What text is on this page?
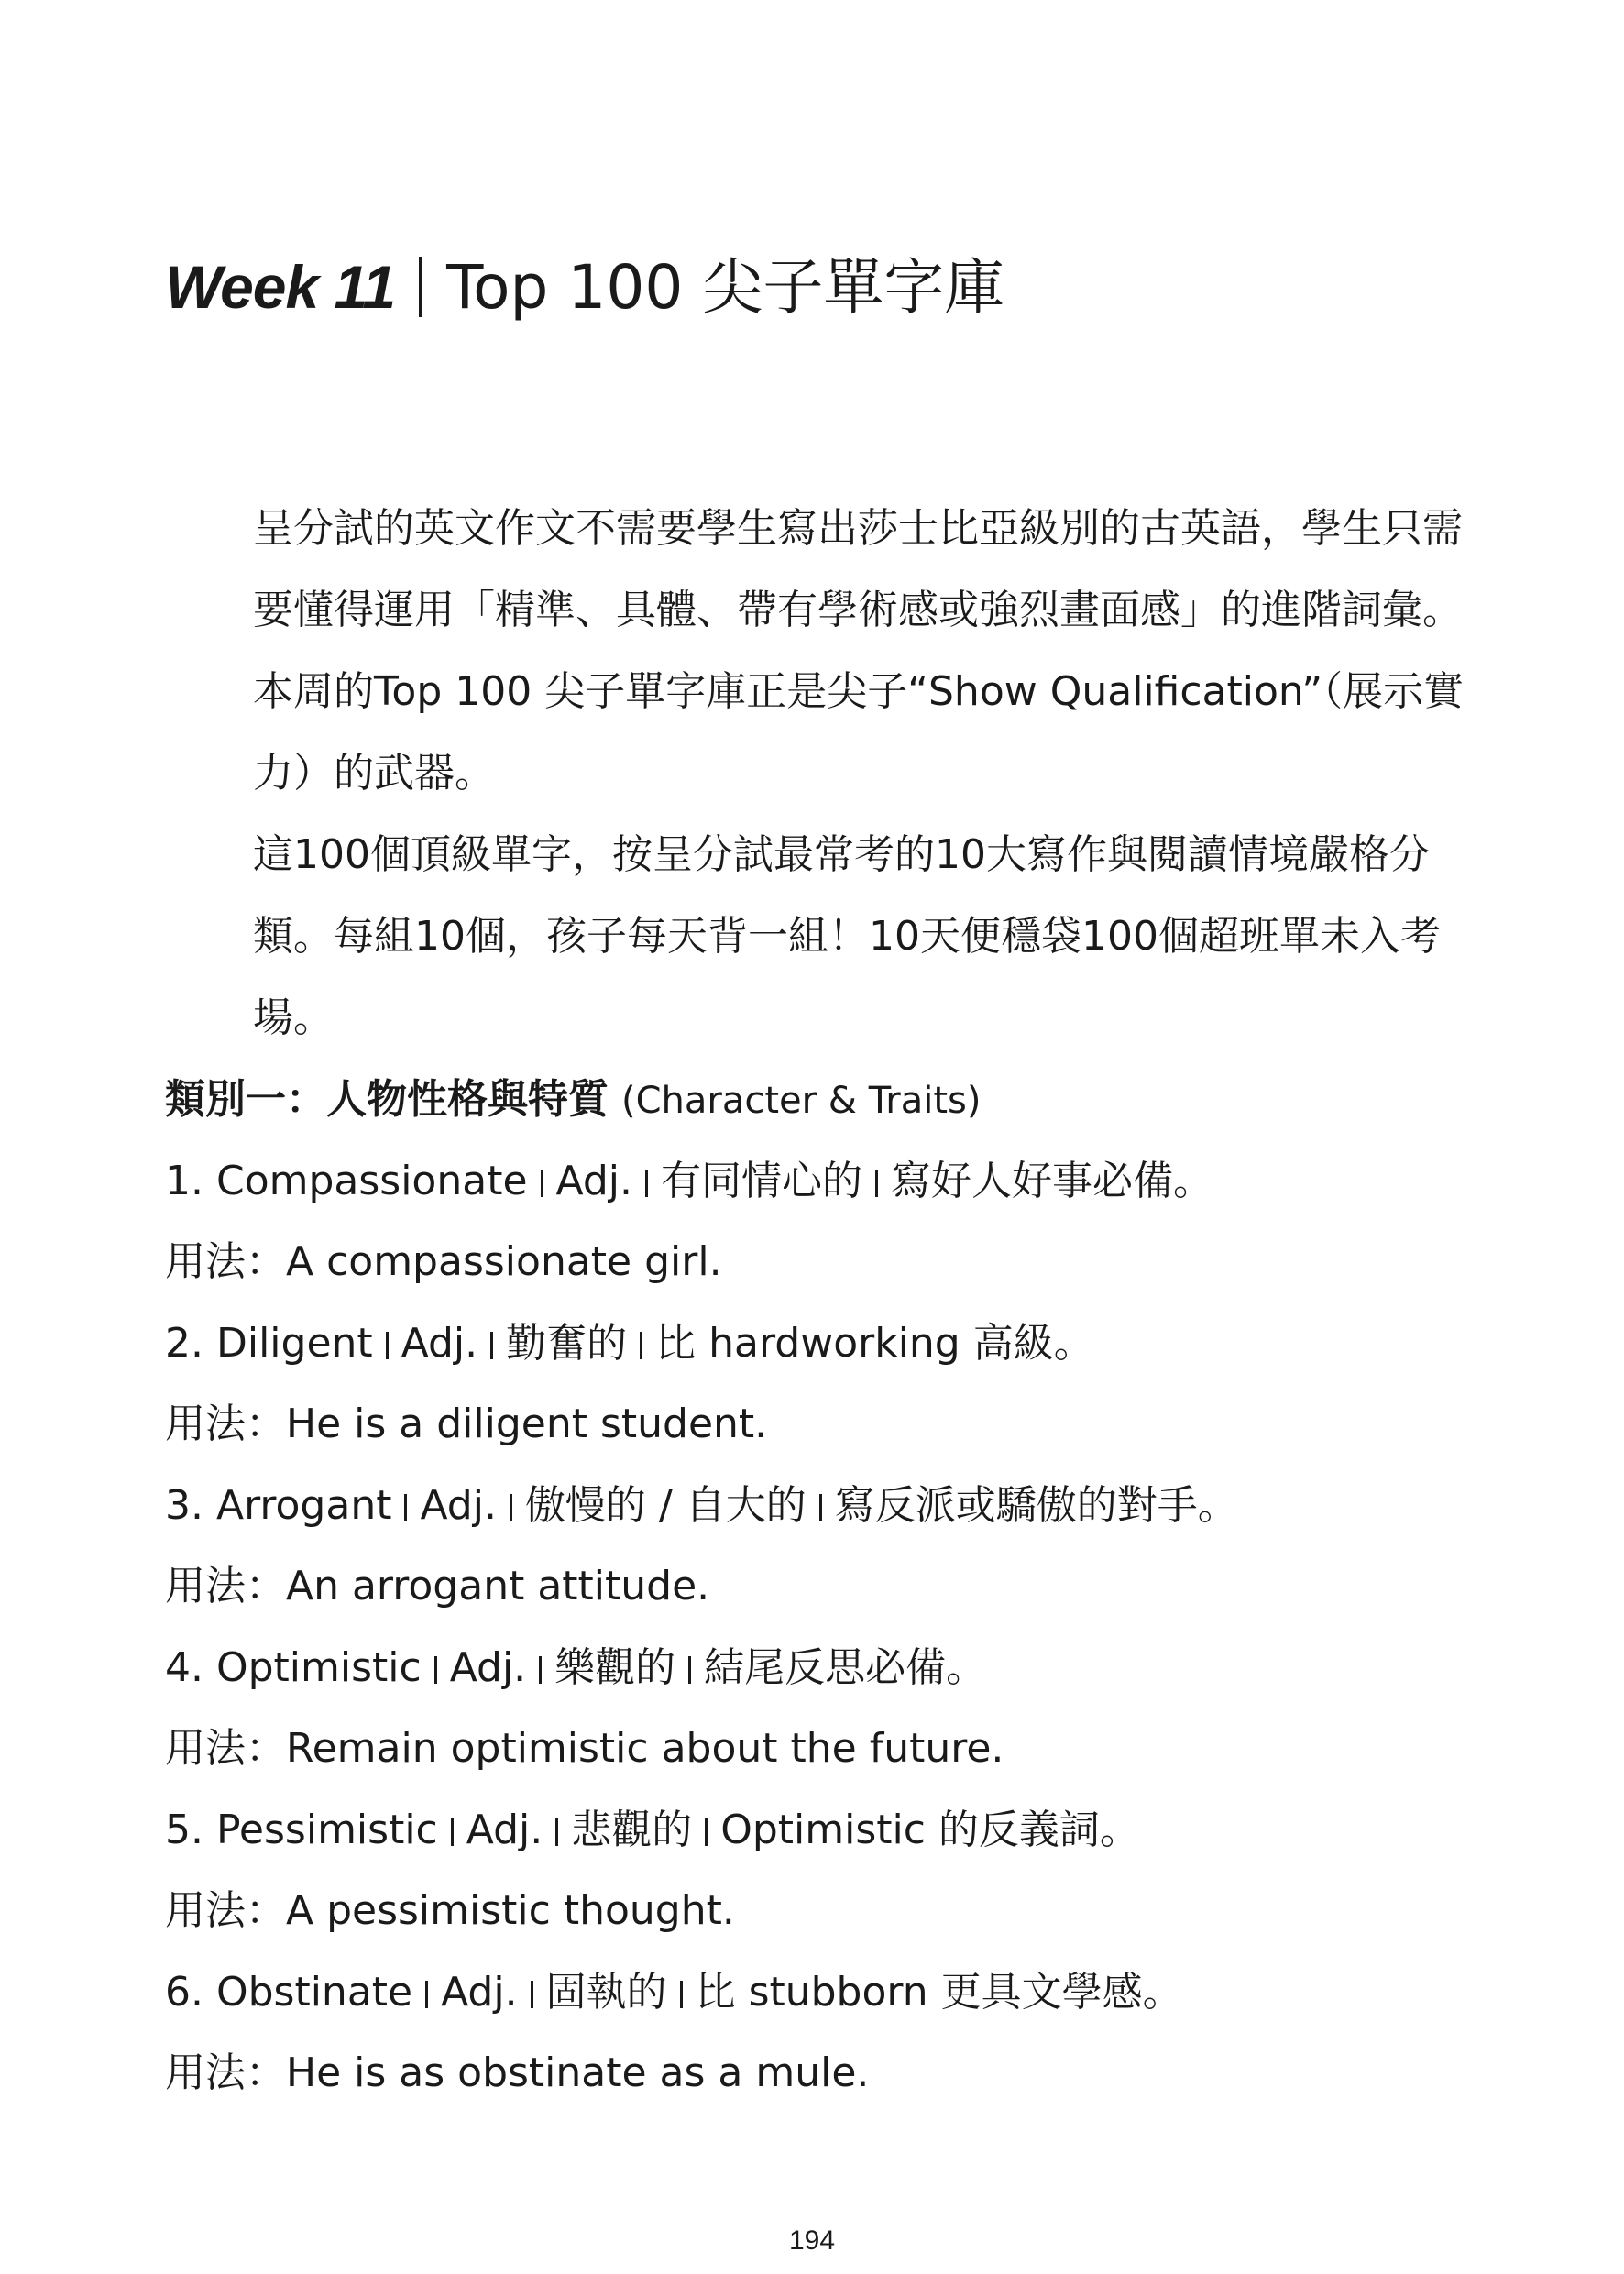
Week 11 Top 100 尖子單字庫

呈分試的英文作文不需要學生寫出莎士比亞級別的古英語，學生只需要懂得運用「精準、具體、帶有學術感或強烈畫面感」的進階詞彙。本周的Top 100 尖子單字庫正是尖子“Show Qualification”（展示實力）的武器。

這100個頂級單字，按呈分試最常考的10大寫作與閱讀情境嚴格分類。每組10個，孩子每天背一組！10天便穩袋100個超班單未入考場。

類別一：人物性格與特質 (Character & Traits)
1. Compassionate Adj. 有同情心的 寫好人好事必備。
用法：A compassionate girl.
2. Diligent Adj. 勤奮的 比 hardworking 高級。
用法：He is a diligent student.
3. Arrogant Adj. 傲慢的 / 自大的 寫反派或驕傲的對手。
用法：An arrogant attitude.
4. Optimistic Adj. 樂觀的 結尾反思必備。
用法：Remain optimistic about the future.
5. Pessimistic Adj. 悲觀的 Optimistic 的反義詞。
用法：A pessimistic thought.
6. Obstinate Adj. 固執的 比 stubborn 更具文學感。
用法：He is as obstinate as a mule.
194
